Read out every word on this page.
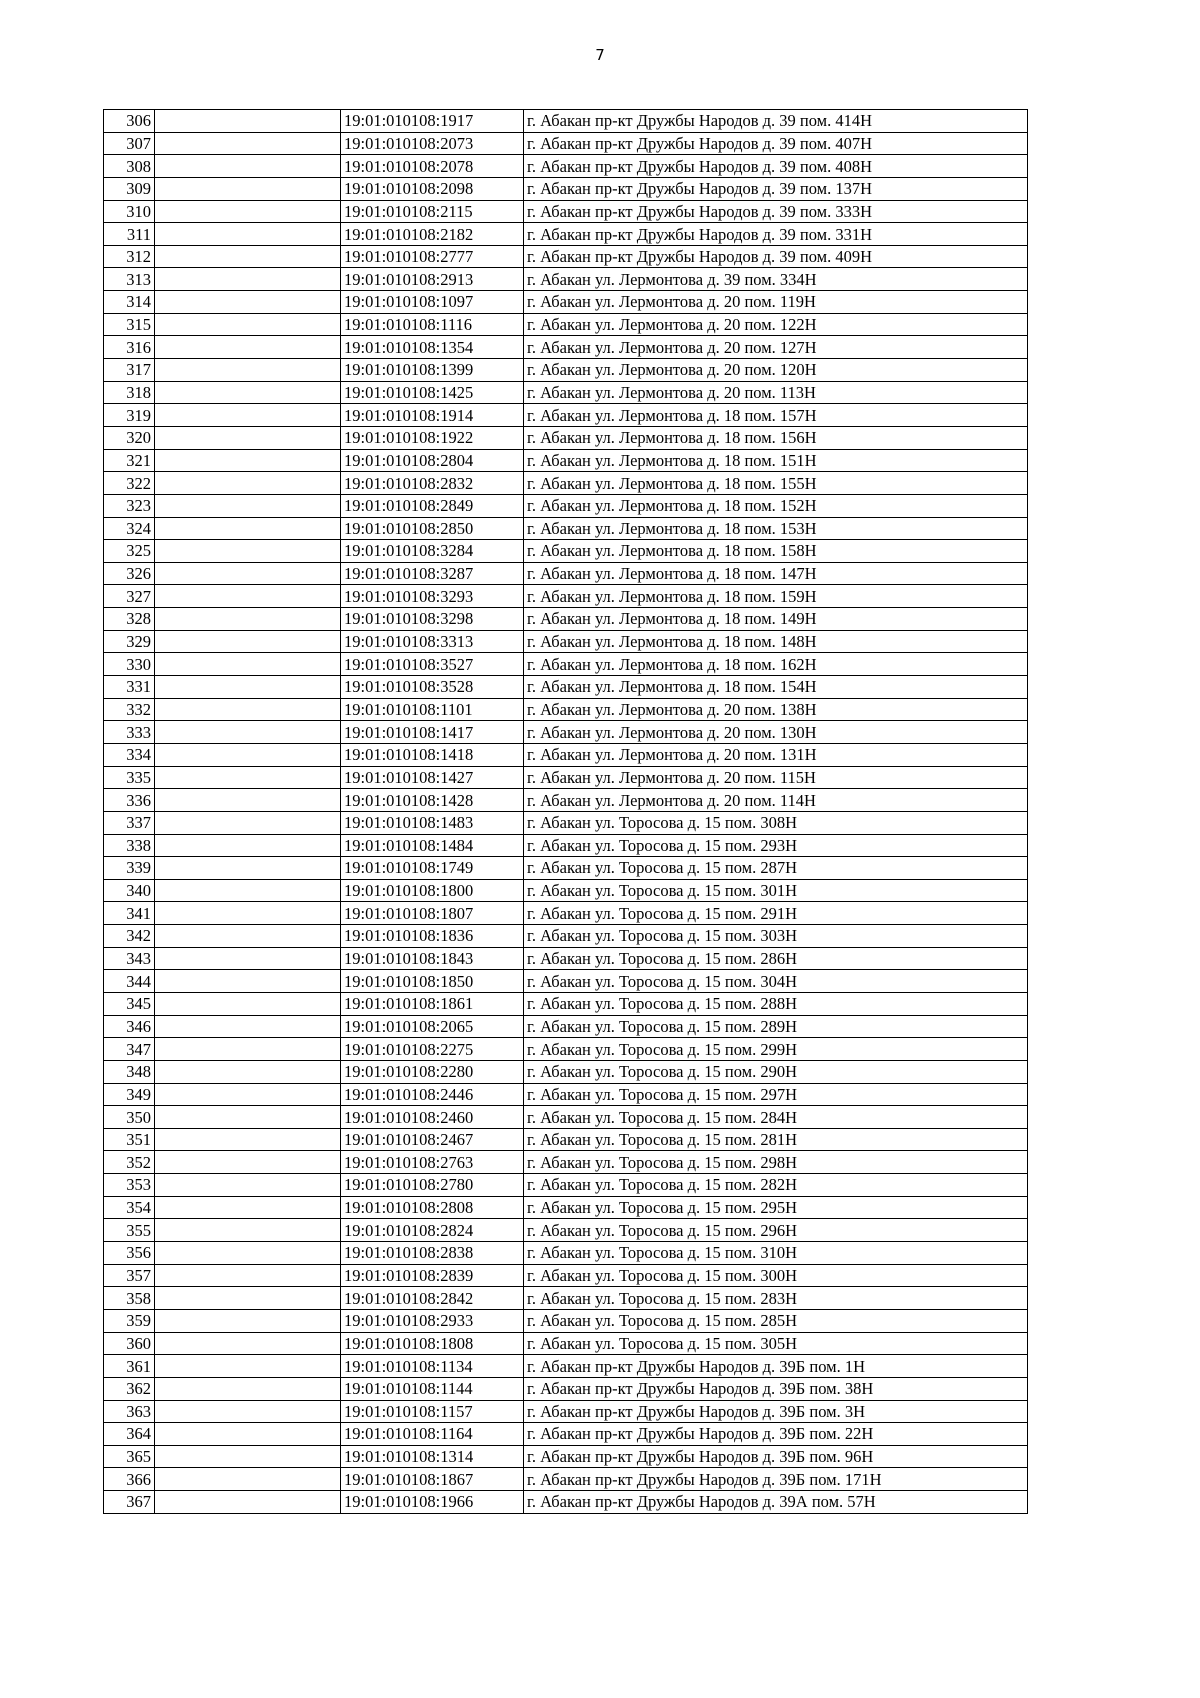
7
306		19:01:010108:1917	г. Абакан пр-кт Дружбы Народов д. 39 пом. 414Н
307		19:01:010108:2073	г. Абакан пр-кт Дружбы Народов д. 39 пом. 407Н
308		19:01:010108:2078	г. Абакан пр-кт Дружбы Народов д. 39 пом. 408Н
309		19:01:010108:2098	г. Абакан пр-кт Дружбы Народов д. 39 пом. 137Н
310		19:01:010108:2115	г. Абакан пр-кт Дружбы Народов д. 39 пом. 333Н
311		19:01:010108:2182	г. Абакан пр-кт Дружбы Народов д. 39 пом. 331Н
312		19:01:010108:2777	г. Абакан пр-кт Дружбы Народов д. 39 пом. 409Н
313		19:01:010108:2913	г. Абакан ул. Лермонтова д. 39 пом. 334Н
314		19:01:010108:1097	г. Абакан ул. Лермонтова д. 20 пом. 119Н
315		19:01:010108:1116	г. Абакан ул. Лермонтова д. 20 пом. 122Н
316		19:01:010108:1354	г. Абакан ул. Лермонтова д. 20 пом. 127Н
317		19:01:010108:1399	г. Абакан ул. Лермонтова д. 20 пом. 120Н
318		19:01:010108:1425	г. Абакан ул. Лермонтова д. 20 пом. 113Н
319		19:01:010108:1914	г. Абакан ул. Лермонтова д. 18 пом. 157Н
320		19:01:010108:1922	г. Абакан ул. Лермонтова д. 18 пом. 156Н
321		19:01:010108:2804	г. Абакан ул. Лермонтова д. 18 пом. 151Н
322		19:01:010108:2832	г. Абакан ул. Лермонтова д. 18 пом. 155Н
323		19:01:010108:2849	г. Абакан ул. Лермонтова д. 18 пом. 152Н
324		19:01:010108:2850	г. Абакан ул. Лермонтова д. 18 пом. 153Н
325		19:01:010108:3284	г. Абакан ул. Лермонтова д. 18 пом. 158Н
326		19:01:010108:3287	г. Абакан ул. Лермонтова д. 18 пом. 147Н
327		19:01:010108:3293	г. Абакан ул. Лермонтова д. 18 пом. 159Н
328		19:01:010108:3298	г. Абакан ул. Лермонтова д. 18 пом. 149Н
329		19:01:010108:3313	г. Абакан ул. Лермонтова д. 18 пом. 148Н
330		19:01:010108:3527	г. Абакан ул. Лермонтова д. 18 пом. 162Н
331		19:01:010108:3528	г. Абакан ул. Лермонтова д. 18 пом. 154Н
332		19:01:010108:1101	г. Абакан ул. Лермонтова д. 20 пом. 138Н
333		19:01:010108:1417	г. Абакан ул. Лермонтова д. 20 пом. 130Н
334		19:01:010108:1418	г. Абакан ул. Лермонтова д. 20 пом. 131Н
335		19:01:010108:1427	г. Абакан ул. Лермонтова д. 20 пом. 115Н
336		19:01:010108:1428	г. Абакан ул. Лермонтова д. 20 пом. 114Н
337		19:01:010108:1483	г. Абакан ул. Торосова д. 15 пом. 308Н
338		19:01:010108:1484	г. Абакан ул. Торосова д. 15 пом. 293Н
339		19:01:010108:1749	г. Абакан ул. Торосова д. 15 пом. 287Н
340		19:01:010108:1800	г. Абакан ул. Торосова д. 15 пом. 301Н
341		19:01:010108:1807	г. Абакан ул. Торосова д. 15 пом. 291Н
342		19:01:010108:1836	г. Абакан ул. Торосова д. 15 пом. 303Н
343		19:01:010108:1843	г. Абакан ул. Торосова д. 15 пом. 286Н
344		19:01:010108:1850	г. Абакан ул. Торосова д. 15 пом. 304Н
345		19:01:010108:1861	г. Абакан ул. Торосова д. 15 пом. 288Н
346		19:01:010108:2065	г. Абакан ул. Торосова д. 15 пом. 289Н
347		19:01:010108:2275	г. Абакан ул. Торосова д. 15 пом. 299Н
348		19:01:010108:2280	г. Абакан ул. Торосова д. 15 пом. 290Н
349		19:01:010108:2446	г. Абакан ул. Торосова д. 15 пом. 297Н
350		19:01:010108:2460	г. Абакан ул. Торосова д. 15 пом. 284Н
351		19:01:010108:2467	г. Абакан ул. Торосова д. 15 пом. 281Н
352		19:01:010108:2763	г. Абакан ул. Торосова д. 15 пом. 298Н
353		19:01:010108:2780	г. Абакан ул. Торосова д. 15 пом. 282Н
354		19:01:010108:2808	г. Абакан ул. Торосова д. 15 пом. 295Н
355		19:01:010108:2824	г. Абакан ул. Торосова д. 15 пом. 296Н
356		19:01:010108:2838	г. Абакан ул. Торосова д. 15 пом. 310Н
357		19:01:010108:2839	г. Абакан ул. Торосова д. 15 пом. 300Н
358		19:01:010108:2842	г. Абакан ул. Торосова д. 15 пом. 283Н
359		19:01:010108:2933	г. Абакан ул. Торосова д. 15 пом. 285Н
360		19:01:010108:1808	г. Абакан ул. Торосова д. 15 пом. 305Н
361		19:01:010108:1134	г. Абакан пр-кт Дружбы Народов д. 39Б пом. 1Н
362		19:01:010108:1144	г. Абакан пр-кт Дружбы Народов д. 39Б пом. 38Н
363		19:01:010108:1157	г. Абакан пр-кт Дружбы Народов д. 39Б пом. 3Н
364		19:01:010108:1164	г. Абакан пр-кт Дружбы Народов д. 39Б пом. 22Н
365		19:01:010108:1314	г. Абакан пр-кт Дружбы Народов д. 39Б пом. 96Н
366		19:01:010108:1867	г. Абакан пр-кт Дружбы Народов д. 39Б пом. 171Н
367		19:01:010108:1966	г. Абакан пр-кт Дружбы Народов д. 39А пом. 57Н
